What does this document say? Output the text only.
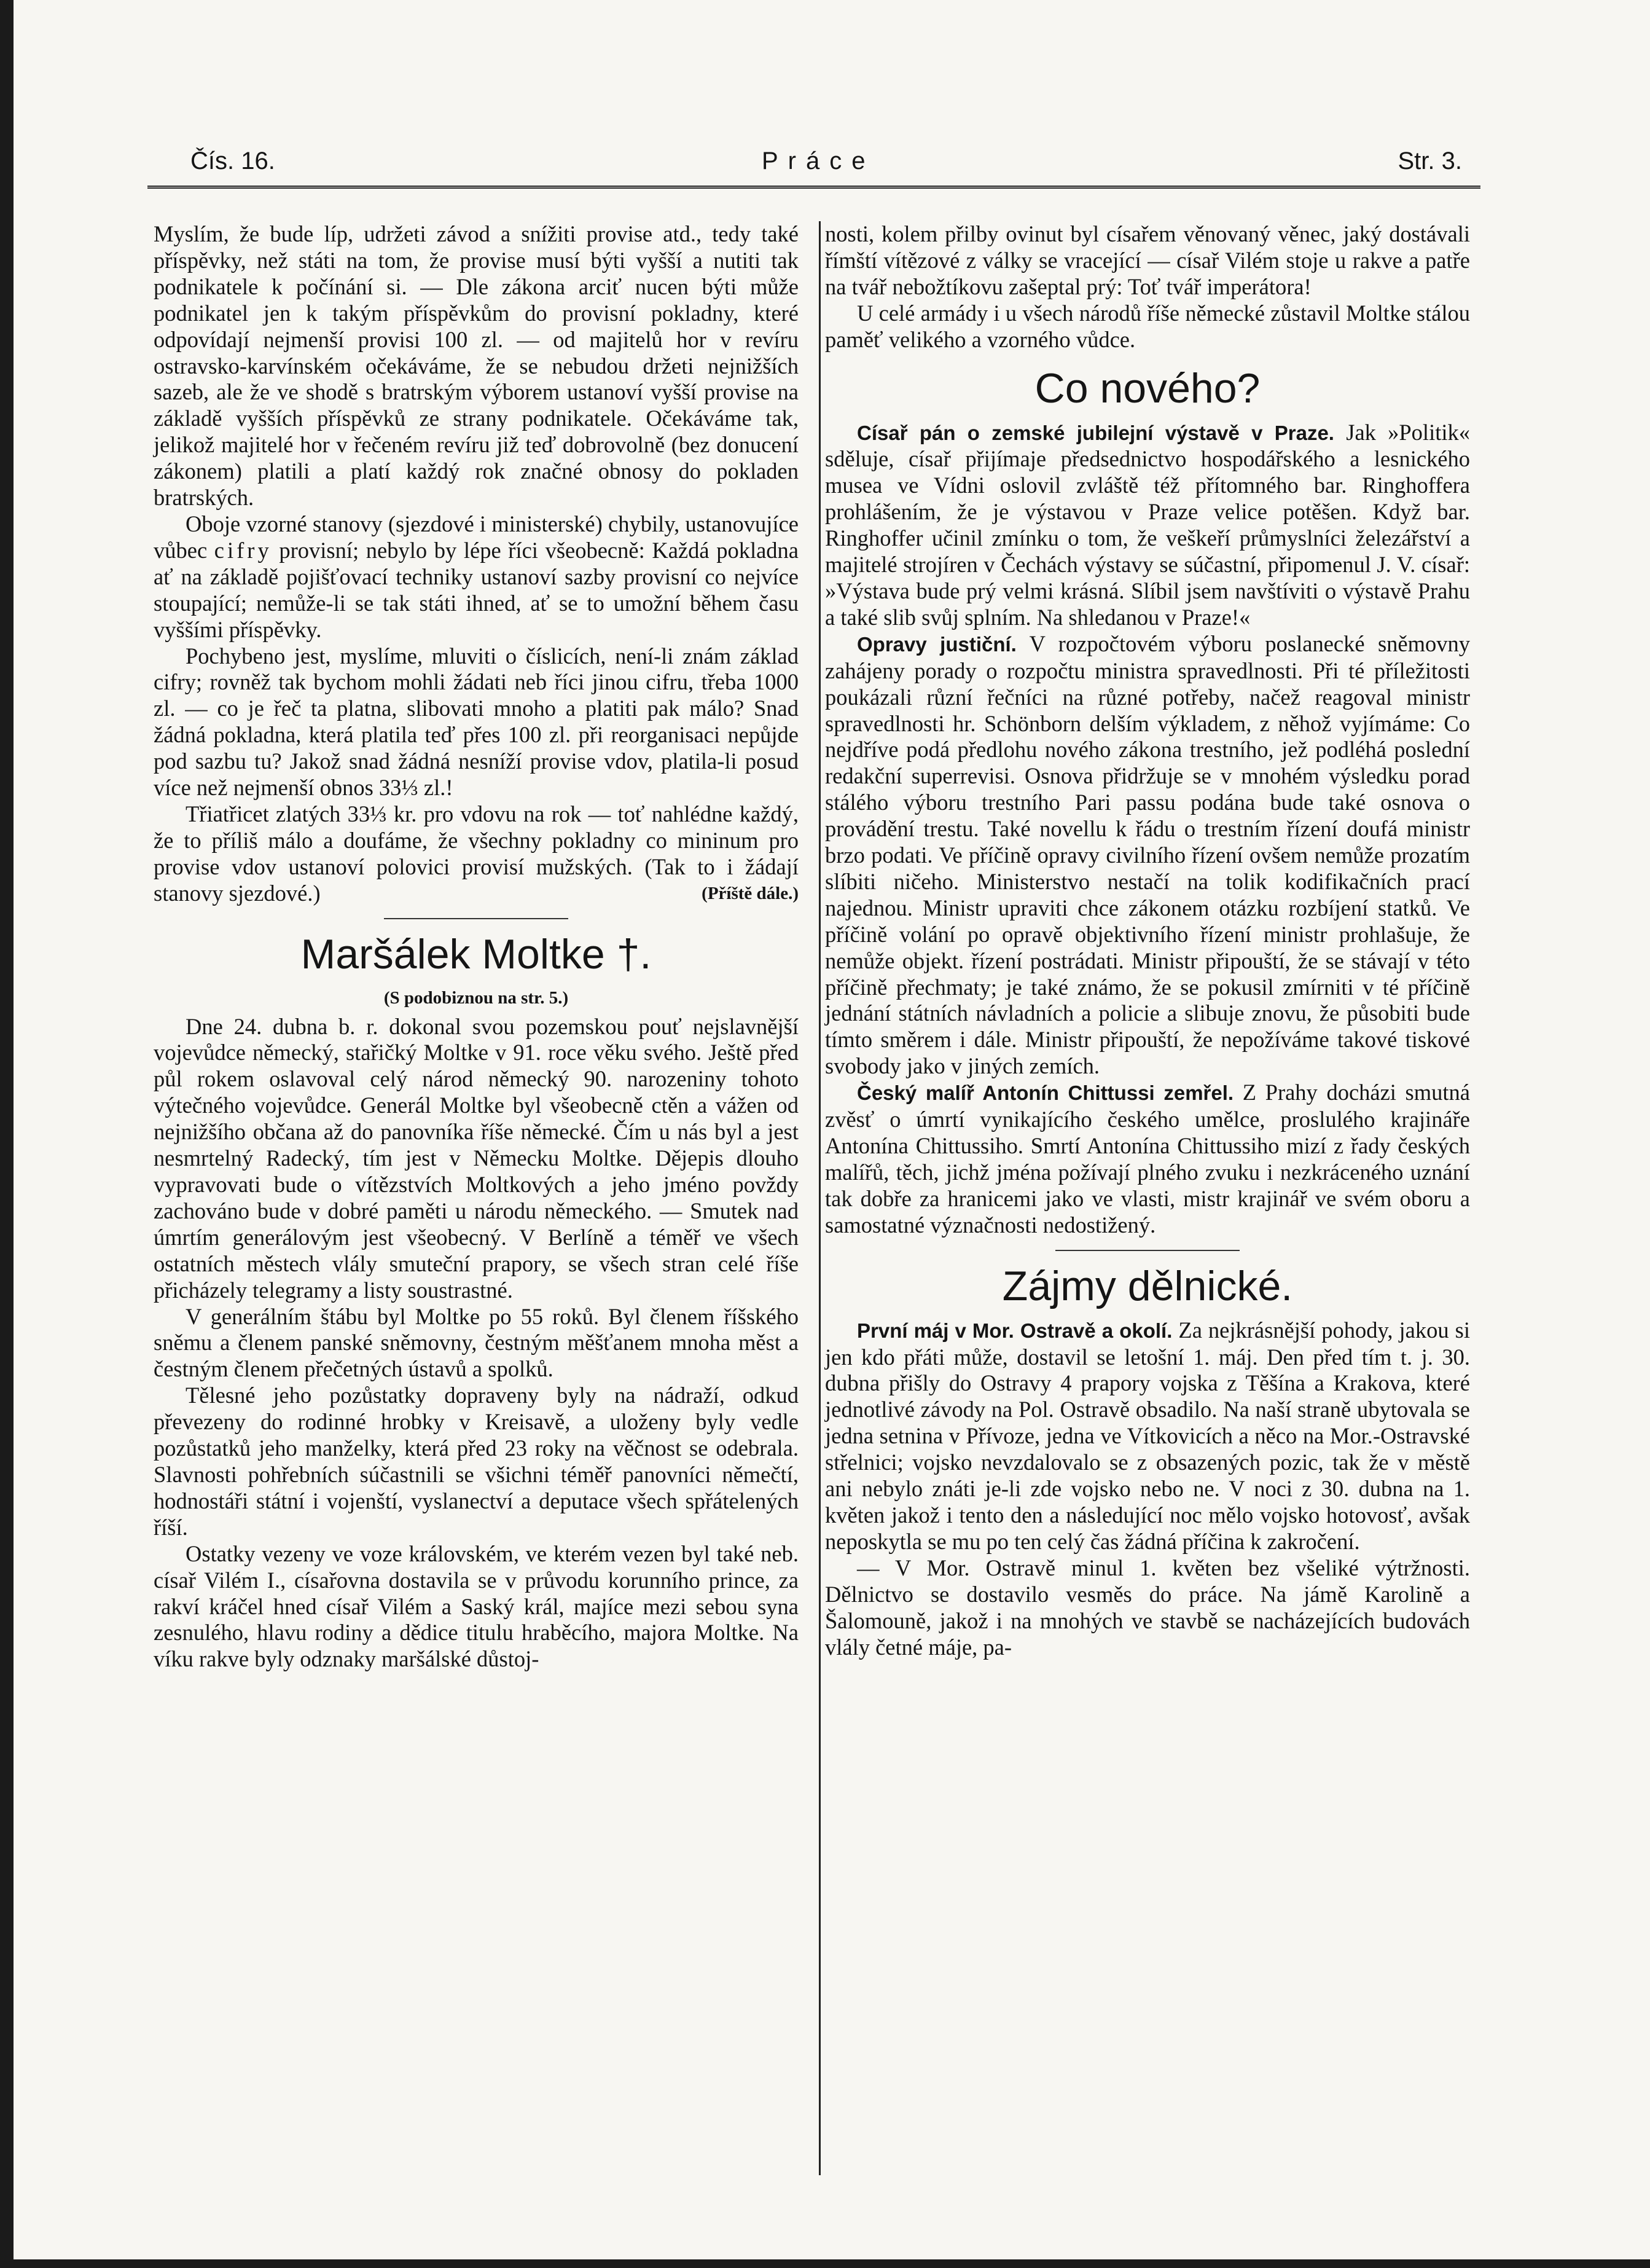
Čís. 16.	Práce	Str. 3.

Myslím, že bude líp, udržeti závod a snížiti provise atd., tedy také příspěvky, než státi na tom, že provise musí býti vyšší a nutiti tak podnikatele k počínání si. — Dle zákona arciť nucen býti může podnikatel jen k takým příspěvkům do provisní pokladny, které odpovídají nejmenší provisi 100 zl. — od majitelů hor v revíru ostravsko-karvínském očekáváme, že se nebudou držeti nejnižších sazeb, ale že ve shodě s bratrským výborem ustanoví vyšší provise na základě vyšších příspěvků ze strany podnikatele. Očekáváme tak, jelikož majitelé hor v řečeném revíru již teď dobrovolně (bez donucení zákonem) platili a platí každý rok značné obnosy do pokladen bratrských.

Oboje vzorné stanovy (sjezdové i ministerské) chybily, ustanovujíce vůbec cifry provisní; nebylo by lépe říci všeobecně: Každá pokladna ať na základě pojišťovací techniky ustanoví sazby provisní co nejvíce stoupající; nemůže-li se tak státi ihned, ať se to umožní během času vyššími příspěvky.

Pochybeno jest, myslíme, mluviti o číslicích, není-li znám základ cifry; rovněž tak bychom mohli žádati neb říci jinou cifru, třeba 1000 zl. — co je řeč ta platna, slibovati mnoho a platiti pak málo? Snad žádná pokladna, která platila teď přes 100 zl. při reorganisaci nepůjde pod sazbu tu? Jakož snad žádná nesníží provise vdov, platila-li posud více než nejmenší obnos 33⅓ zl.!

Třiatřicet zlatých 33⅓ kr. pro vdovu na rok — toť nahlédne každý, že to příliš málo a doufáme, že všechny pokladny co mininum pro provise vdov ustanoví polovici provisí mužských. (Tak to i žádají stanovy sjezdové.)	(Příště dále.)

Maršálek Moltke †.
(S podobiznou na str. 5.)

Dne 24. dubna b. r. dokonal svou pozemskou pouť nejslavnější vojevůdce německý, stařičký Moltke v 91. roce věku svého. Ještě před půl rokem oslavoval celý národ německý 90. narozeniny tohoto výtečného vojevůdce. Generál Moltke byl všeobecně ctěn a vážen od nejnižšího občana až do panovníka říše německé. Čím u nás byl a jest nesmrtelný Radecký, tím jest v Německu Moltke. Dějepis dlouho vypravovati bude o vítězstvích Moltkových a jeho jméno povždy zachováno bude v dobré paměti u národu německého. — Smutek nad úmrtím generálovým jest všeobecný. V Berlíně a téměř ve všech ostatních městech vlály smuteční prapory, se všech stran celé říše přicházely telegramy a listy soustrastné.

V generálním štábu byl Moltke po 55 roků. Byl členem říšského sněmu a členem panské sněmovny, čestným měšťanem mnoha měst a čestným členem přečetných ústavů a spolků.

Tělesné jeho pozůstatky dopraveny byly na nádraží, odkud převezeny do rodinné hrobky v Kreisavě, a uloženy byly vedle pozůstatků jeho manželky, která před 23 roky na věčnost se odebrala. Slavnosti pohřebních súčastnili se všichni téměř panovníci němečtí, hodnostáři státní i vojenští, vyslanectví a deputace všech spřátelených říší.

Ostatky vezeny ve voze královském, ve kterém vezen byl také neb. císař Vilém I., císařovna dostavila se v průvodu korunního prince, za rakví kráčel hned císař Vilém a Saský král, majíce mezi sebou syna zesnulého, hlavu rodiny a dědice titulu hraběcího, majora Moltke. Na víku rakve byly odznaky maršálské důstoj-

nosti, kolem přilby ovinut byl císařem věnovaný věnec, jaký dostávali římští vítězové z války se vracející — císař Vilém stoje u rakve a patře na tvář nebožtíkovu zašeptal prý: Toť tvář imperátora!

U celé armády i u všech národů říše německé zůstavil Moltke stálou paměť velikého a vzorného vůdce.

Co nového?

Císař pán o zemské jubilejní výstavě v Praze. Jak »Politik« sděluje, císař přijímaje předsednictvo hospodářského a lesnického musea ve Vídni oslovil zvláště též přítomného bar. Ringhoffera prohlášením, že je výstavou v Praze velice potěšen. Když bar. Ringhoffer učinil zmínku o tom, že veškeří průmyslníci železářství a majitelé strojíren v Čechách výstavy se súčastní, připomenul J. V. císař: »Výstava bude prý velmi krásná. Slíbil jsem navštíviti o výstavě Prahu a také slib svůj splním. Na shledanou v Praze!«

Opravy justiční. V rozpočtovém výboru poslanecké sněmovny zahájeny porady o rozpočtu ministra spravedlnosti. Při té příležitosti poukázali různí řečníci na různé potřeby, načež reagoval ministr spravedlnosti hr. Schönborn delším výkladem, z něhož vyjímáme: Co nejdříve podá předlohu nového zákona trestního, jež podléhá poslední redakční superrevisi. Osnova přidržuje se v mnohém výsledku porad stálého výboru trestního Pari passu podána bude také osnova o provádění trestu. Také novellu k řádu o trestním řízení doufá ministr brzo podati. Ve příčině opravy civilního řízení ovšem nemůže prozatím slíbiti ničeho. Ministerstvo nestačí na tolik kodifikačních prací najednou. Ministr upraviti chce zákonem otázku rozbíjení statků. Ve příčině volání po opravě objektivního řízení ministr prohlašuje, že nemůže objekt. řízení postrádati. Ministr připouští, že se stávají v této příčině přechmaty; je také známo, že se pokusil zmírniti v té příčině jednání státních návladních a policie a slibuje znovu, že působiti bude tímto směrem i dále. Ministr připouští, že nepožíváme takové tiskové svobody jako v jiných zemích.

Český malíř Antonín Chittussi zemřel. Z Prahy docházi smutná zvěsť o úmrtí vynikajícího českého umělce, proslulého krajináře Antonína Chittussiho. Smrtí Antonína Chittussiho mizí z řady českých malířů, těch, jichž jména požívají plného zvuku i nezkráceného uznání tak dobře za hranicemi jako ve vlasti, mistr krajinář ve svém oboru a samostatné význačnosti nedostižený.

Zájmy dělnické.

První máj v Mor. Ostravě a okolí. Za nejkrásnější pohody, jakou si jen kdo přáti může, dostavil se letošní 1. máj. Den před tím t. j. 30. dubna přišly do Ostravy 4 prapory vojska z Těšína a Krakova, které jednotlivé závody na Pol. Ostravě obsadilo. Na naší straně ubytovala se jedna setnina v Přívoze, jedna ve Vítkovicích a něco na Mor.-Ostravské střelnici; vojsko nevzdalovalo se z obsazených pozic, tak že v městě ani nebylo znáti je-li zde vojsko nebo ne. V noci z 30. dubna na 1. květen jakož i tento den a následující noc mělo vojsko hotovosť, avšak neposkytla se mu po ten celý čas žádná příčina k zakročení.

— V Mor. Ostravě minul 1. květen bez všeliké výtržnosti. Dělnictvo se dostavilo vesměs do práce. Na jámě Karolině a Šalomouně, jakož i na mnohých ve stavbě se nacházejících budovách vlály četné máje, pa-
